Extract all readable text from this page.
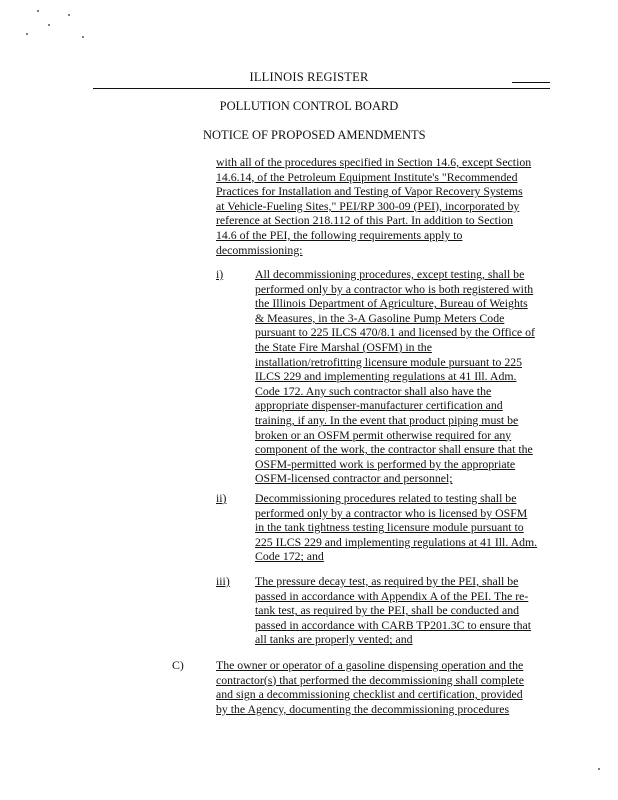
ILLINOIS REGISTER
POLLUTION CONTROL BOARD
NOTICE OF PROPOSED AMENDMENTS
with all of the procedures specified in Section 14.6, except Section
14.6.14, of the Petroleum Equipment Institute's "Recommended
Practices for Installation and Testing of Vapor Recovery Systems
at Vehicle-Fueling Sites," PEI/RP 300-09 (PEI), incorporated by
reference at Section 218.112 of this Part. In addition to Section
14.6 of the PEI, the following requirements apply to
decommissioning:
i)	All decommissioning procedures, except testing, shall be
performed only by a contractor who is both registered with
the Illinois Department of Agriculture, Bureau of Weights
& Measures, in the 3-A Gasoline Pump Meters Code
pursuant to 225 ILCS 470/8.1 and licensed by the Office of
the State Fire Marshal (OSFM) in the
installation/retrofitting licensure module pursuant to 225
ILCS 229 and implementing regulations at 41 Ill. Adm.
Code 172. Any such contractor shall also have the
appropriate dispenser-manufacturer certification and
training, if any. In the event that product piping must be
broken or an OSFM permit otherwise required for any
component of the work, the contractor shall ensure that the
OSFM-permitted work is performed by the appropriate
OSFM-licensed contractor and personnel;
ii) Decommissioning procedures related to testing shall be
performed only by a contractor who is licensed by OSFM
in the tank tightness testing licensure module pursuant to
225 ILCS 229 and implementing regulations at 41 Ill. Adm.
Code 172; and
iii) The pressure decay test, as required by the PEI, shall be
passed in accordance with Appendix A of the PEI. The re-
tank test, as required by the PEI, shall be conducted and
passed in accordance with CARB TP201.3C to ensure that
all tanks are properly vented; and
C)	The owner or operator of a gasoline dispensing operation and the
contractor(s) that performed the decommissioning shall complete
and sign a decommissioning checklist and certification, provided
by the Agency, documenting the decommissioning procedures
